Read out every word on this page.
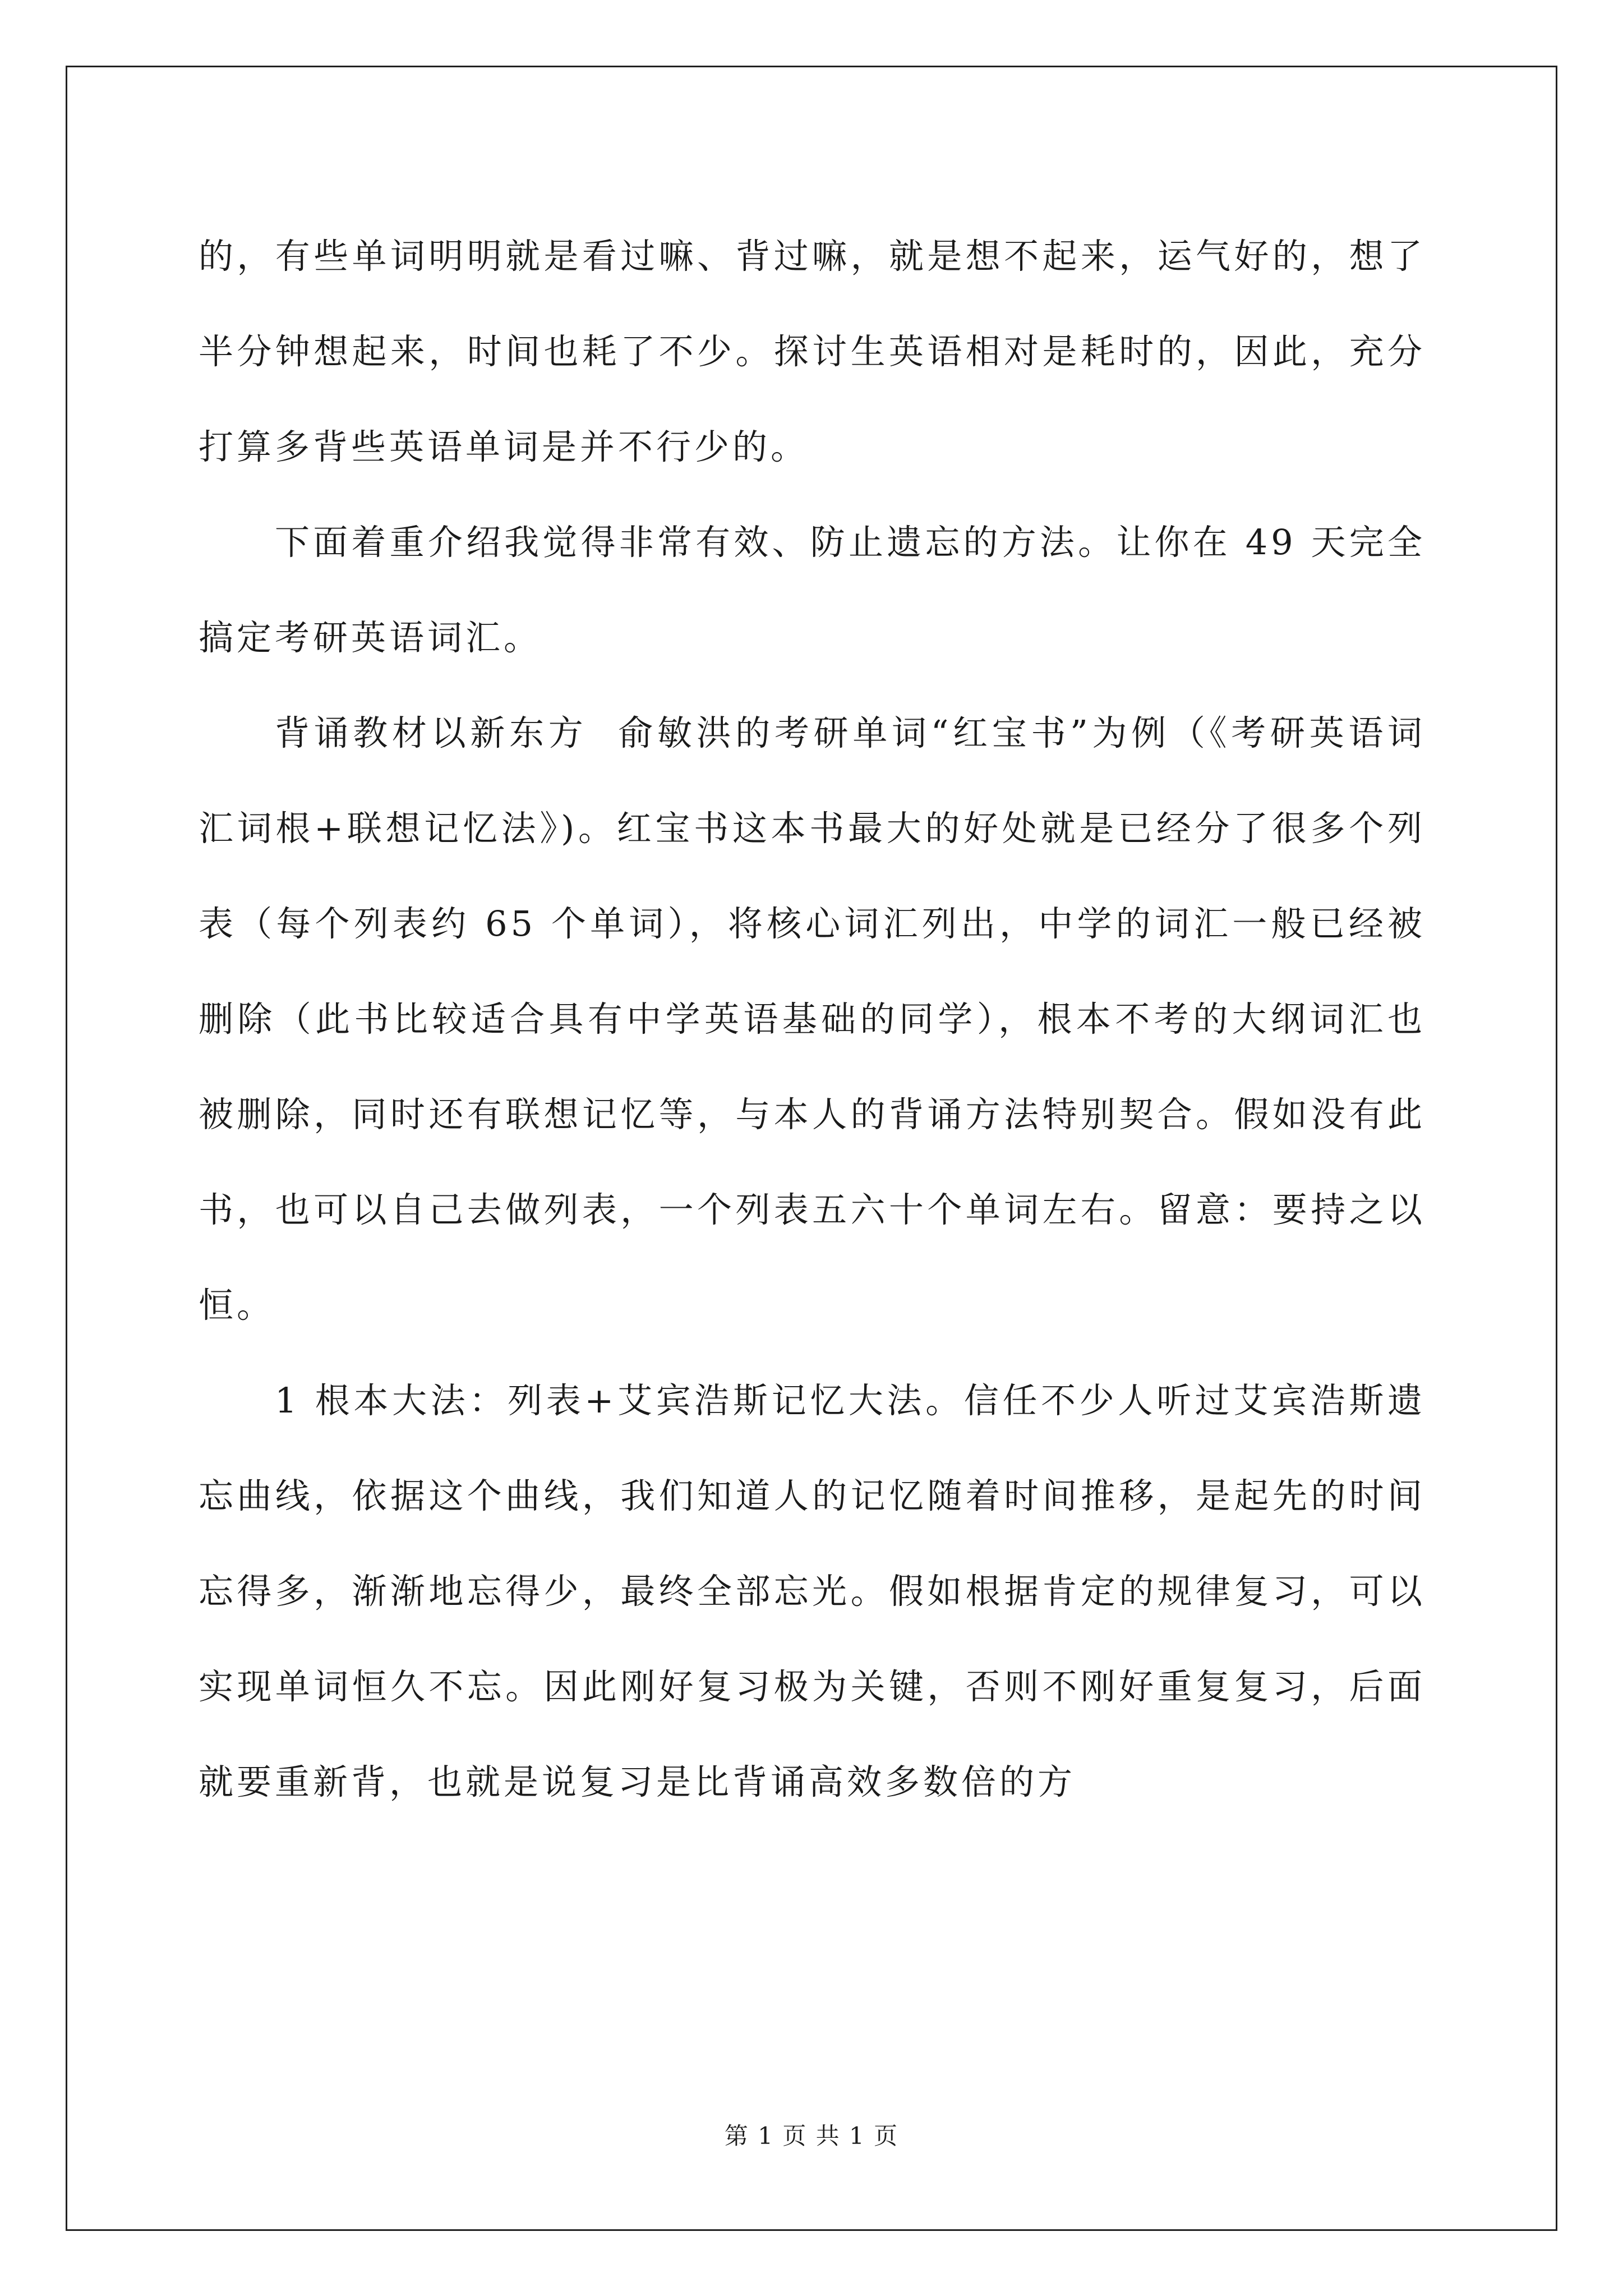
的，有些单词明明就是看过嘛、背过嘛，就是想不起来，运气好的，想了半分钟想起来，时间也耗了不少。探讨生英语相对是耗时的，因此，充分打算多背些英语单词是并不行少的。

下面着重介绍我觉得非常有效、防止遗忘的方法。让你在 49 天完全搞定考研英语词汇。

背诵教材以新东方  俞敏洪的考研单词“红宝书”为例（《考研英语词汇词根+联想记忆法》)。红宝书这本书最大的好处就是已经分了很多个列表（每个列表约 65 个单词），将核心词汇列出，中学的词汇一般已经被删除（此书比较适合具有中学英语基础的同学），根本不考的大纲词汇也被删除，同时还有联想记忆等，与本人的背诵方法特别契合。假如没有此书，也可以自己去做列表，一个列表五六十个单词左右。留意：要持之以恒。

1 根本大法：列表+艾宾浩斯记忆大法。信任不少人听过艾宾浩斯遗忘曲线，依据这个曲线，我们知道人的记忆随着时间推移，是起先的时间忘得多，渐渐地忘得少，最终全部忘光。假如根据肯定的规律复习，可以实现单词恒久不忘。因此刚好复习极为关键，否则不刚好重复复习，后面就要重新背，也就是说复习是比背诵高效多数倍的方

第 1 页 共 1 页
